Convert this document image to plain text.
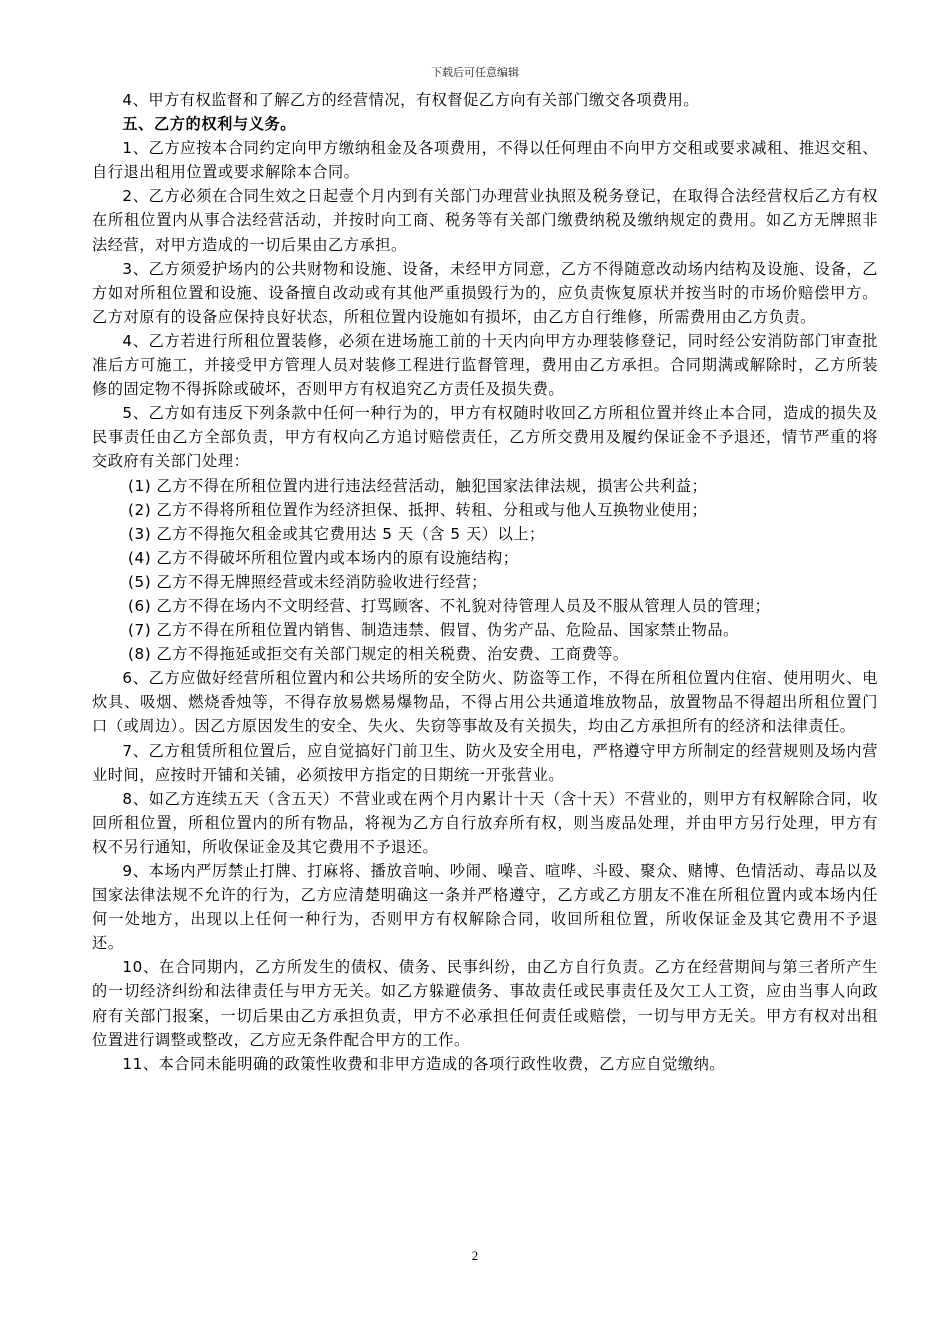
下载后可任意编辑

4、甲方有权监督和了解乙方的经营情况，有权督促乙方向有关部门缴交各项费用。

五、乙方的权利与义务。

1、乙方应按本合同约定向甲方缴纳租金及各项费用，不得以任何理由不向甲方交租或要求减租、推迟交租、自行退出租用位置或要求解除本合同。

2、乙方必须在合同生效之日起壹个月内到有关部门办理营业执照及税务登记，在取得合法经营权后乙方有权在所租位置内从事合法经营活动，并按时向工商、税务等有关部门缴费纳税及缴纳规定的费用。如乙方无牌照非法经营，对甲方造成的一切后果由乙方承担。

3、乙方须爱护场内的公共财物和设施、设备，未经甲方同意，乙方不得随意改动场内结构及设施、设备，乙方如对所租位置和设施、设备擅自改动或有其他严重损毁行为的，应负责恢复原状并按当时的市场价赔偿甲方。乙方对原有的设备应保持良好状态，所租位置内设施如有损坏，由乙方自行维修，所需费用由乙方负责。

4、乙方若进行所租位置装修，必须在进场施工前的十天内向甲方办理装修登记，同时经公安消防部门审查批准后方可施工，并接受甲方管理人员对装修工程进行监督管理，费用由乙方承担。合同期满或解除时，乙方所装修的固定物不得拆除或破坏，否则甲方有权追究乙方责任及损失费。

5、乙方如有违反下列条款中任何一种行为的，甲方有权随时收回乙方所租位置并终止本合同，造成的损失及民事责任由乙方全部负责，甲方有权向乙方追讨赔偿责任，乙方所交费用及履约保证金不予退还，情节严重的将交政府有关部门处理：

(1) 乙方不得在所租位置内进行违法经营活动，触犯国家法律法规，损害公共利益；

(2) 乙方不得将所租位置作为经济担保、抵押、转租、分租或与他人互换物业使用；

(3) 乙方不得拖欠租金或其它费用达 5 天（含 5 天）以上；

(4) 乙方不得破坏所租位置内或本场内的原有设施结构；

(5) 乙方不得无牌照经营或未经消防验收进行经营；

(6) 乙方不得在场内不文明经营、打骂顾客、不礼貌对待管理人员及不服从管理人员的管理；

(7) 乙方不得在所租位置内销售、制造违禁、假冒、伪劣产品、危险品、国家禁止物品。

(8) 乙方不得拖延或拒交有关部门规定的相关税费、治安费、工商费等。

6、乙方应做好经营所租位置内和公共场所的安全防火、防盗等工作，不得在所租位置内住宿、使用明火、电炊具、吸烟、燃烧香烛等，不得存放易燃易爆物品，不得占用公共通道堆放物品，放置物品不得超出所租位置门口（或周边）。因乙方原因发生的安全、失火、失窃等事故及有关损失，均由乙方承担所有的经济和法律责任。

7、乙方租赁所租位置后，应自觉搞好门前卫生、防火及安全用电，严格遵守甲方所制定的经营规则及场内营业时间，应按时开铺和关铺，必须按甲方指定的日期统一开张营业。

8、如乙方连续五天（含五天）不营业或在两个月内累计十天（含十天）不营业的，则甲方有权解除合同，收回所租位置，所租位置内的所有物品，将视为乙方自行放弃所有权，则当废品处理，并由甲方另行处理，甲方有权不另行通知，所收保证金及其它费用不予退还。

9、本场内严厉禁止打牌、打麻将、播放音响、吵闹、噪音、喧哗、斗殴、聚众、赌博、色情活动、毒品以及国家法律法规不允许的行为，乙方应清楚明确这一条并严格遵守，乙方或乙方朋友不准在所租位置内或本场内任何一处地方，出现以上任何一种行为，否则甲方有权解除合同，收回所租位置，所收保证金及其它费用不予退还。

10、在合同期内，乙方所发生的债权、债务、民事纠纷，由乙方自行负责。乙方在经营期间与第三者所产生的一切经济纠纷和法律责任与甲方无关。如乙方躲避债务、事故责任或民事责任及欠工人工资，应由当事人向政府有关部门报案，一切后果由乙方承担负责，甲方不必承担任何责任或赔偿，一切与甲方无关。甲方有权对出租位置进行调整或整改，乙方应无条件配合甲方的工作。

11、本合同未能明确的政策性收费和非甲方造成的各项行政性收费，乙方应自觉缴纳。

2
